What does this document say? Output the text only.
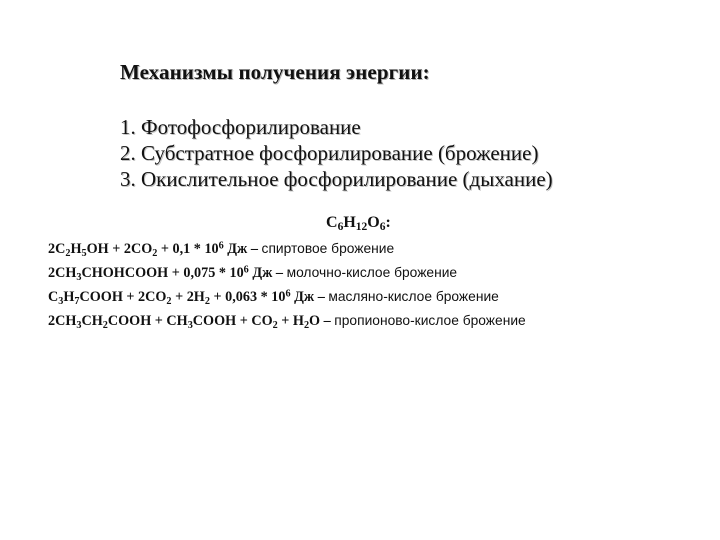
Механизмы получения энергии:
1. Фотофосфорилирование
2. Субстратное фосфорилирование (брожение)
3. Окислительное фосфорилирование (дыхание)
$C_6H_{12}O_6$:
$2C_2H_5OH + 2CO_2 + 0,1 * 10^6$ Дж – спиртовое брожение
$2CH_3CHOHCOOH + 0,075 * 10^6$ Дж – молочно-кислое брожение
$C_3H_7COOH + 2CO_2 + 2H_2 + 0,063 * 10^6$ Дж – масляно-кислое брожение
$2CH_3CH_2COOH$ + $CH_3COOH + CO_2 + H_2O$ – пропионово-кислое брожение
